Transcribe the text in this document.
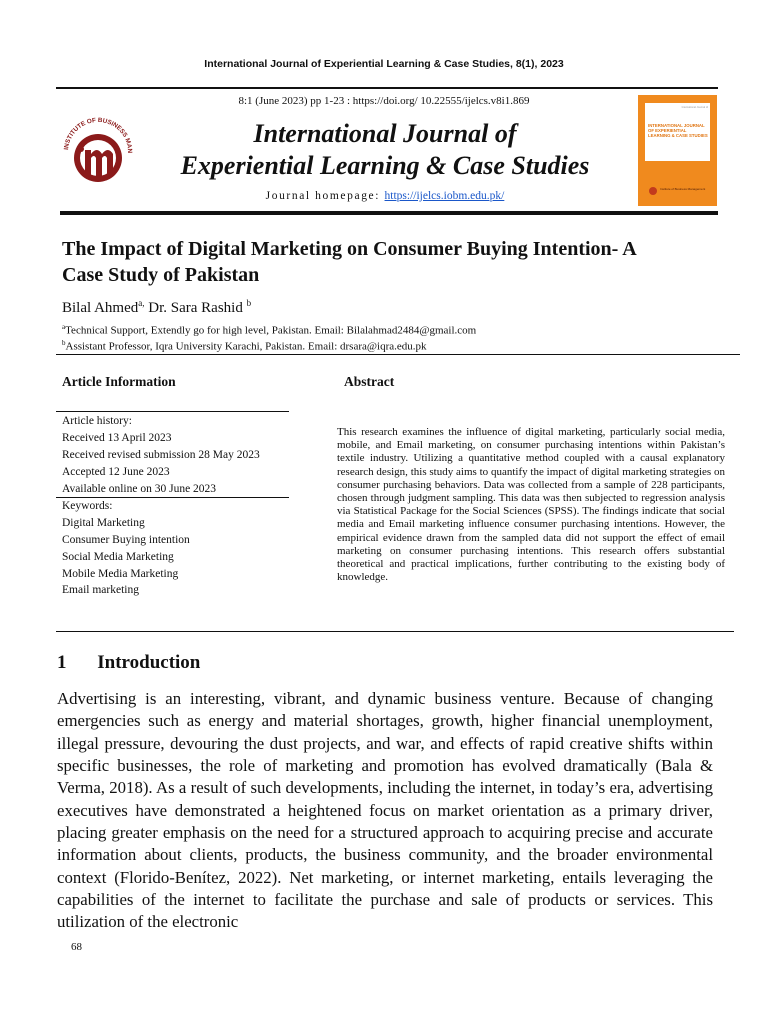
International Journal of Experiential Learning & Case Studies, 8(1), 2023
8:1 (June 2023) pp 1-23 : https://doi.org/ 10.22555/ijelcs.v8i1.869
INSTITUTE OF BUSINESS MAN
International Journal of
Experiential Learning & Case Studies
Journal homepage: https://ijelcs.iobm.edu.pk/
International Journal of
INTERNATIONAL JOURNAL OF EXPERIENTIAL LEARNING & CASE STUDIES
Institute of Business Management
The Impact of Digital Marketing on Consumer Buying Intention- A
Case Study of Pakistan
Bilal Ahmed$^{a,}$ Dr. Sara Rashid $^b$
$^a$Technical Support, Extendly go for high level, Pakistan. Email: Bilalahmad2484@gmail.com
$^b$Assistant Professor, Iqra University Karachi, Pakistan. Email: drsara@iqra.edu.pk
Article Information
Article history:
Received 13 April 2023
Received revised submission 28 May 2023
Accepted 12 June 2023
Available online on 30 June 2023
Keywords:
Digital Marketing
Consumer Buying intention
Social Media Marketing
Mobile Media Marketing
Email marketing
Abstract
This research examines the influence of digital marketing, particularly social media, mobile, and Email marketing, on consumer purchasing intentions within Pakistan’s textile industry. Utilizing a quantitative method coupled with a causal explanatory research design, this study aims to quantify the impact of digital marketing strategies on consumer purchasing behaviors. Data was collected from a sample of 228 participants, chosen through judgment sampling. This data was then subjected to regression analysis via Statistical Package for the Social Sciences (SPSS). The findings indicate that social media and Email marketing influence consumer purchasing intentions. However, the empirical evidence drawn from the sampled data did not support the effect of email marketing on consumer purchasing intentions. This research offers substantial theoretical and practical implications, further contributing to the existing body of knowledge.
1 Introduction
Advertising is an interesting, vibrant, and dynamic business venture. Because of changing emergencies such as energy and material shortages, growth, higher financial unemployment, illegal pressure, devouring the dust projects, and war, and effects of rapid creative shifts within specific businesses, the role of marketing and promotion has evolved dramatically (Bala & Verma, 2018). As a result of such developments, including the internet, in today’s era, advertising executives have demonstrated a heightened focus on market orientation as a primary driver, placing greater emphasis on the need for a structured approach to acquiring precise and accurate information about clients, products, the business community, and the broader environmental context (Florido-Benítez, 2022). Net marketing, or internet marketing, entails leveraging the capabilities of the internet to facilitate the purchase and sale of products or services. This utilization of the electronic
68
